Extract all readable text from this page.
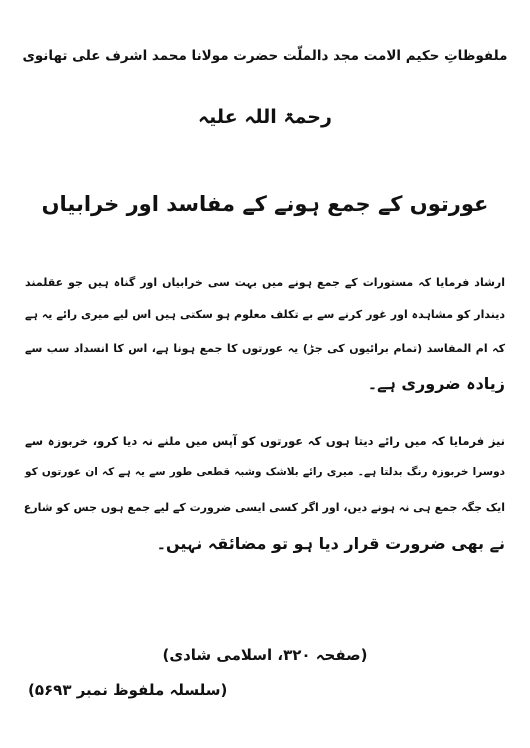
ملفوظاتِ حکیم الامت مجد دالملّت حضرت مولانا محمد اشرف علی تھانوی
رحمۃ اللہ علیہ
عورتوں کے جمع ہونے کے مفاسد اور خرابیاں
ارشاد فرمایا کہ مستورات کے جمع ہونے میں بہت سی خرابیاں اور گناہ ہیں جو عقلمند
دیندار کو مشاہدہ اور غور کرنے سے بے تکلف معلوم ہو سکتی ہیں اس لیے میری رائے یہ ہے
کہ ام المفاسد (تمام برائیوں کی جڑ) یہ عورتوں کا جمع ہونا ہے، اس کا انسداد سب سے
زیادہ ضروری ہے۔
نیز فرمایا کہ میں رائے دیتا ہوں کہ عورتوں کو آپس میں ملنے نہ دیا کرو، خربوزہ سے
دوسرا خربوزہ رنگ بدلتا ہے۔ میری رائے بلاشک وشبہ قطعی طور سے یہ ہے کہ ان عورتوں کو
ایک جگہ جمع ہی نہ ہونے دیں، اور اگر کسی ایسی ضرورت کے لیے جمع ہوں جس کو شارع
نے بھی ضرورت قرار دیا ہو تو مضائقہ نہیں۔
(صفحہ ۳۲۰، اسلامی شادی)
(سلسلہ ملفوظ نمبر ۵۶۹۳)
